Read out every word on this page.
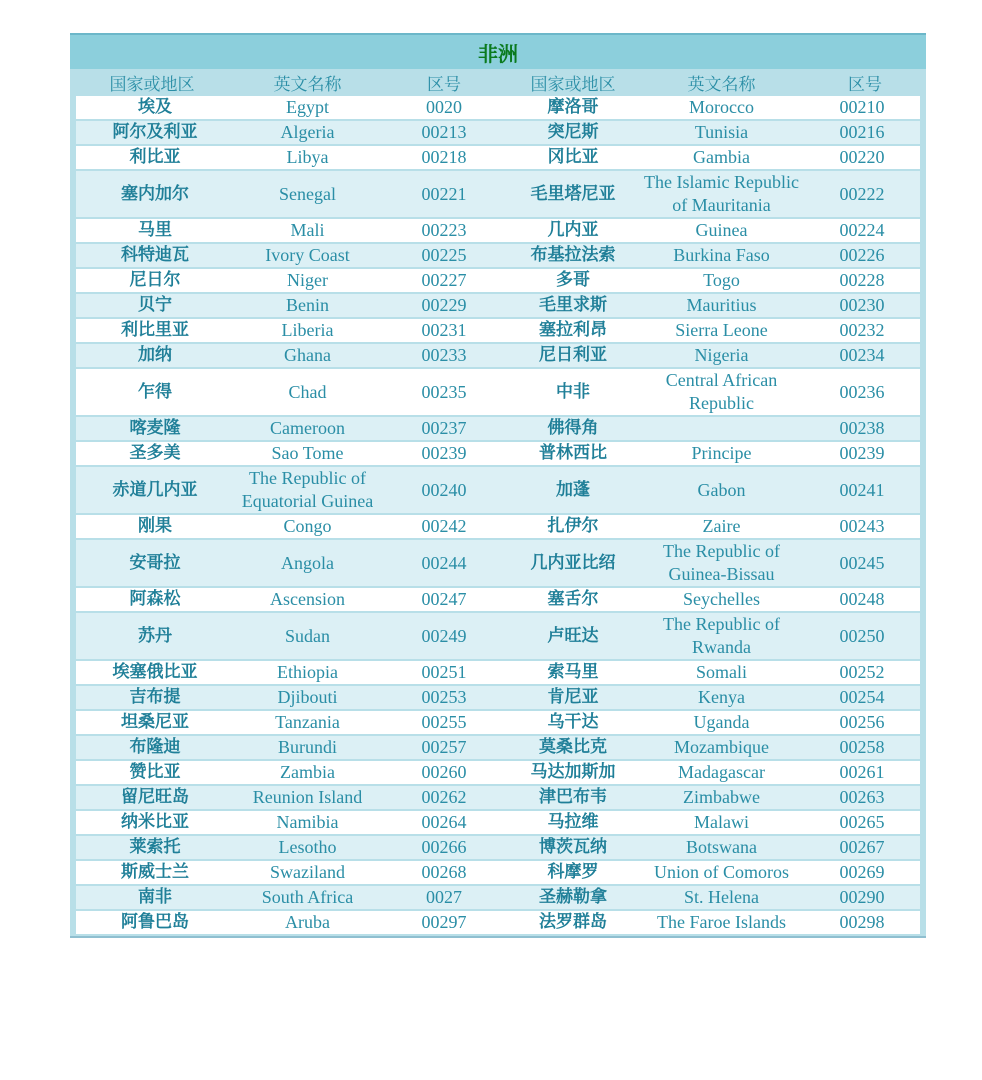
非洲
国家或地区	英文名称	区号	国家或地区	英文名称	区号
埃及	Egypt	0020	摩洛哥	Morocco	00210
阿尔及利亚	Algeria	00213	突尼斯	Tunisia	00216
利比亚	Libya	00218	冈比亚	Gambia	00220
塞内加尔	Senegal	00221	毛里塔尼亚	The Islamic Republic of Mauritania	00222
马里	Mali	00223	几内亚	Guinea	00224
科特迪瓦	Ivory Coast	00225	布基拉法索	Burkina Faso	00226
尼日尔	Niger	00227	多哥	Togo	00228
贝宁	Benin	00229	毛里求斯	Mauritius	00230
利比里亚	Liberia	00231	塞拉利昂	Sierra Leone	00232
加纳	Ghana	00233	尼日利亚	Nigeria	00234
乍得	Chad	00235	中非	Central African Republic	00236
喀麦隆	Cameroon	00237	佛得角		00238
圣多美	Sao Tome	00239	普林西比	Principe	00239
赤道几内亚	The Republic of Equatorial Guinea	00240	加蓬	Gabon	00241
刚果	Congo	00242	扎伊尔	Zaire	00243
安哥拉	Angola	00244	几内亚比绍	The Republic of Guinea-Bissau	00245
阿森松	Ascension	00247	塞舌尔	Seychelles	00248
苏丹	Sudan	00249	卢旺达	The Republic of Rwanda	00250
埃塞俄比亚	Ethiopia	00251	索马里	Somali	00252
吉布提	Djibouti	00253	肯尼亚	Kenya	00254
坦桑尼亚	Tanzania	00255	乌干达	Uganda	00256
布隆迪	Burundi	00257	莫桑比克	Mozambique	00258
赞比亚	Zambia	00260	马达加斯加	Madagascar	00261
留尼旺岛	Reunion Island	00262	津巴布韦	Zimbabwe	00263
纳米比亚	Namibia	00264	马拉维	Malawi	00265
莱索托	Lesotho	00266	博茨瓦纳	Botswana	00267
斯威士兰	Swaziland	00268	科摩罗	Union of Comoros	00269
南非	South Africa	0027	圣赫勒拿	St. Helena	00290
阿鲁巴岛	Aruba	00297	法罗群岛	The Faroe Islands	00298
